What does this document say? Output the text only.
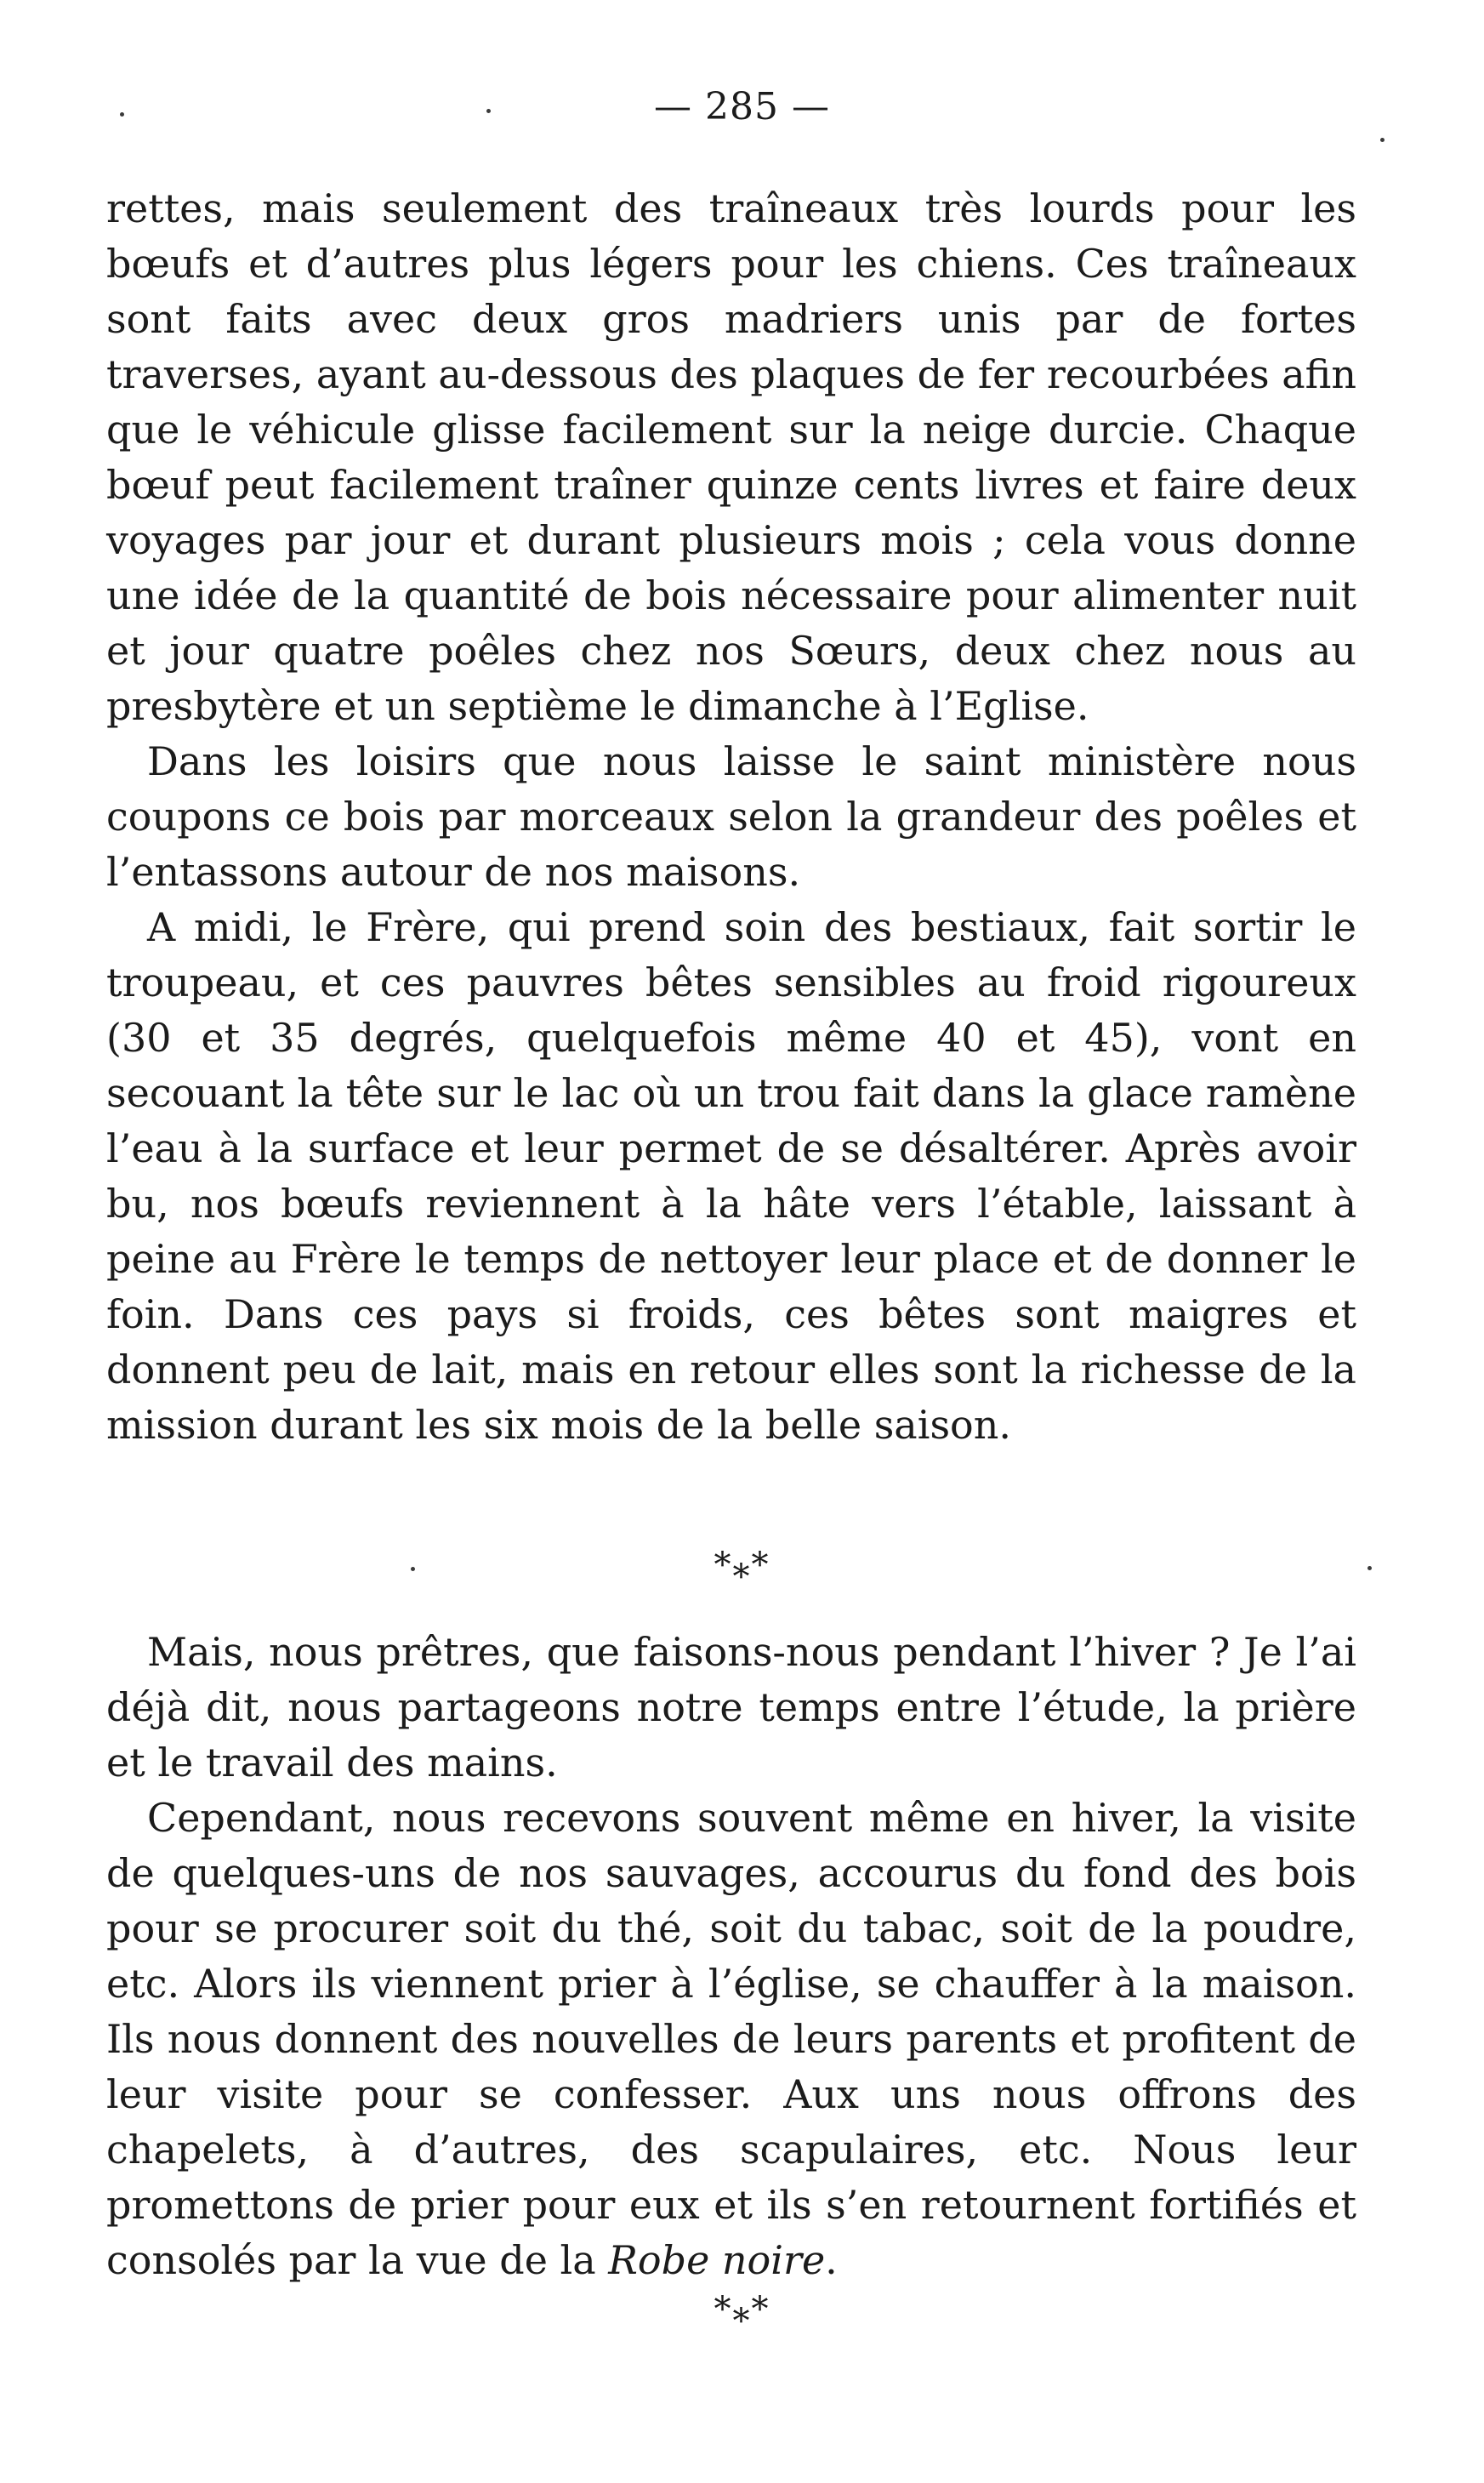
— 285 —

rettes, mais seulement des traîneaux très lourds pour les bœufs et d’autres plus légers pour les chiens. Ces traîneaux sont faits avec deux gros madriers unis par de fortes traverses, ayant au-dessous des plaques de fer recourbées afin que le véhicule glisse facilement sur la neige durcie. Chaque bœuf peut facilement traîner quinze cents livres et faire deux voyages par jour et durant plusieurs mois ; cela vous donne une idée de la quantité de bois nécessaire pour alimenter nuit et jour quatre poêles chez nos Sœurs, deux chez nous au presbytère et un septième le dimanche à l’Eglise.

Dans les loisirs que nous laisse le saint ministère nous coupons ce bois par morceaux selon la grandeur des poêles et l’entassons autour de nos maisons.

A midi, le Frère, qui prend soin des bestiaux, fait sortir le troupeau, et ces pauvres bêtes sensibles au froid rigoureux (30 et 35 degrés, quelquefois même 40 et 45), vont en secouant la tête sur le lac où un trou fait dans la glace ramène l’eau à la surface et leur permet de se désaltérer. Après avoir bu, nos bœufs reviennent à la hâte vers l’étable, laissant à peine au Frère le temps de nettoyer leur place et de donner le foin. Dans ces pays si froids, ces bêtes sont maigres et donnent peu de lait, mais en retour elles sont la richesse de la mission durant les six mois de la belle saison.

***

Mais, nous prêtres, que faisons-nous pendant l’hiver ? Je l’ai déjà dit, nous partageons notre temps entre l’étude, la prière et le travail des mains.

Cependant, nous recevons souvent même en hiver, la visite de quelques-uns de nos sauvages, accourus du fond des bois pour se procurer soit du thé, soit du tabac, soit de la poudre, etc. Alors ils viennent prier à l’église, se chauffer à la maison. Ils nous donnent des nouvelles de leurs parents et profitent de leur visite pour se confesser. Aux uns nous offrons des chapelets, à d’autres, des scapulaires, etc. Nous leur promettons de prier pour eux et ils s’en retournent fortifiés et consolés par la vue de la Robe noire.

***
